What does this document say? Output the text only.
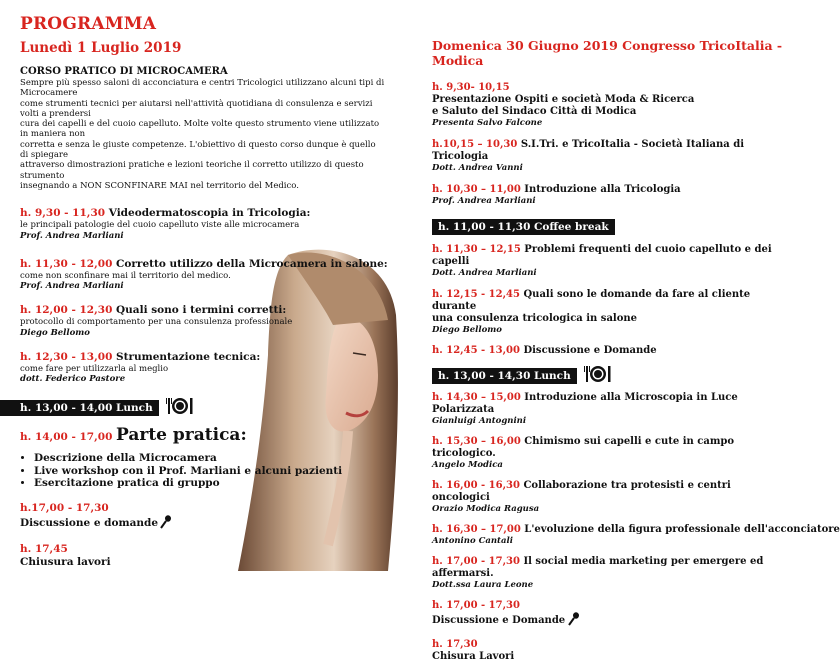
PROGRAMMA
Lunedì 1 Luglio 2019
CORSO PRATICO DI MICROCAMERA
Sempre più spesso saloni di acconciatura e centri Tricologici utilizzano alcuni tipi di Microcamere
come strumenti tecnici per aiutarsi nell'attività quotidiana di consulenza e servizi volti a prendersi
cura dei capelli e del cuoio capelluto. Molte volte questo strumento viene utilizzato in maniera non
corretta e senza le giuste competenze. L'obiettivo di questo corso dunque è quello di spiegare
attraverso dimostrazioni pratiche e lezioni teoriche il corretto utilizzo di questo strumento
insegnando a NON SCONFINARE MAI nel territorio del Medico.
h. 9,30 - 11,30 Videodermatoscopia in Tricologia:
le principali patologie del cuoio capelluto viste alle microcamera
Prof. Andrea Marliani
h. 11,30 - 12,00 Corretto utilizzo della Microcamera in salone:
come non sconfinare mai il territorio del medico.
Prof. Andrea Marliani
h. 12,00 - 12,30 Quali sono i termini corretti:
protocollo di comportamento per una consulenza professionale
Diego Bellomo
h. 12,30 - 13,00 Strumentazione tecnica:
come fare per utilizzarla al meglio
dott. Federico Pastore
h. 13,00 - 14,00 Lunch
h. 14,00 - 17,00 Parte pratica:
• Descrizione della Microcamera
• Live workshop con il Prof. Marliani e alcuni pazienti
• Esercitazione pratica di gruppo
h.17,00 - 17,30
Discussione e domande
h. 17,45
Chiusura lavori
Domenica 30 Giugno 2019 Congresso TricoItalia - Modica
h. 9,30- 10,15
Presentazione Ospiti e società Moda & Ricerca
e Saluto del Sindaco Città di Modica
Presenta Salvo Falcone
h.10,15 – 10,30 S.I.Tri. e TricoItalia - Società Italiana di Tricologia
Dott. Andrea Vanni
h. 10,30 – 11,00 Introduzione alla Tricologia
Prof. Andrea Marliani
h. 11,00 - 11,30 Coffee break
h. 11,30 – 12,15 Problemi frequenti del cuoio capelluto e dei capelli
Dott. Andrea Marliani
h. 12,15 - 12,45 Quali sono le domande da fare al cliente durante
una consulenza tricologica in salone
Diego Bellomo
h. 12,45 - 13,00 Discussione e Domande
h. 13,00 - 14,30 Lunch
h. 14,30 – 15,00 Introduzione alla Microscopia in Luce Polarizzata
Gianluigi Antognini
h. 15,30 – 16,00 Chimismo sui capelli e cute in campo tricologico.
Angelo Modica
h. 16,00 - 16,30 Collaborazione tra protesisti e centri oncologici
Orazio Modica Ragusa
h. 16,30 – 17,00 L'evoluzione della figura professionale dell'acconciatore
Antonino Cantali
h. 17,00 - 17,30 Il social media marketing per emergere ed affermarsi.
Dott.ssa Laura Leone
h. 17,00 - 17,30
Discussione e Domande
h. 17,30
Chisura Lavori
